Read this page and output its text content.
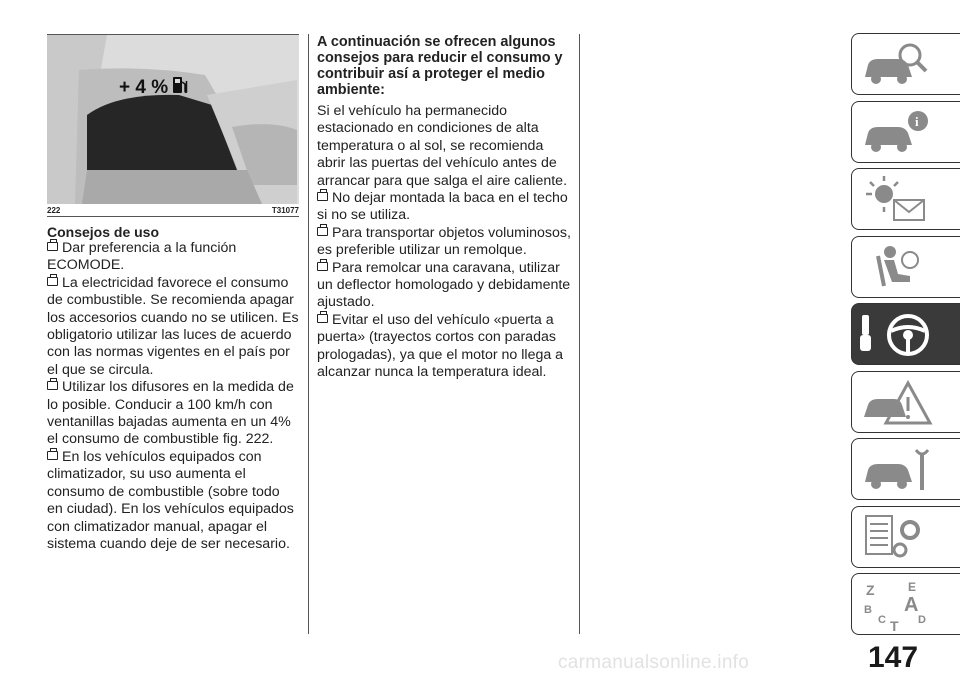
+ 4 %
222	T31077
Consejos de uso

Dar preferencia a la función ECOMODE.

La electricidad favorece el consumo de combustible. Se recomienda apagar los accesorios cuando no se utilicen. Es obligatorio utilizar las luces de acuerdo con las normas vigentes en el país por el que se circula.

Utilizar los difusores en la medida de lo posible. Conducir a 100 km/h con ventanillas bajadas aumenta en un 4% el consumo de combustible fig. 222.

En los vehículos equipados con climatizador, su uso aumenta el consumo de combustible (sobre todo en ciudad). En los vehículos equipados con climatizador manual, apagar el sistema cuando deje de ser necesario.

A continuación se ofrecen algunos consejos para reducir el consumo y contribuir así a proteger el medio ambiente:

Si el vehículo ha permanecido estacionado en condiciones de alta temperatura o al sol, se recomienda abrir las puertas del vehículo antes de arrancar para que salga el aire caliente.

No dejar montada la baca en el techo si no se utiliza.

Para transportar objetos voluminosos, es preferible utilizar un remolque.

Para remolcar una caravana, utilizar un deflector homologado y debidamente ajustado.

Evitar el uso del vehículo «puerta a puerta» (trayectos cortos con paradas prologadas), ya que el motor no llega a alcanzar nunca la temperatura ideal.

i
Z	E
B A
C	D
T
carmanualsonline.info	147
